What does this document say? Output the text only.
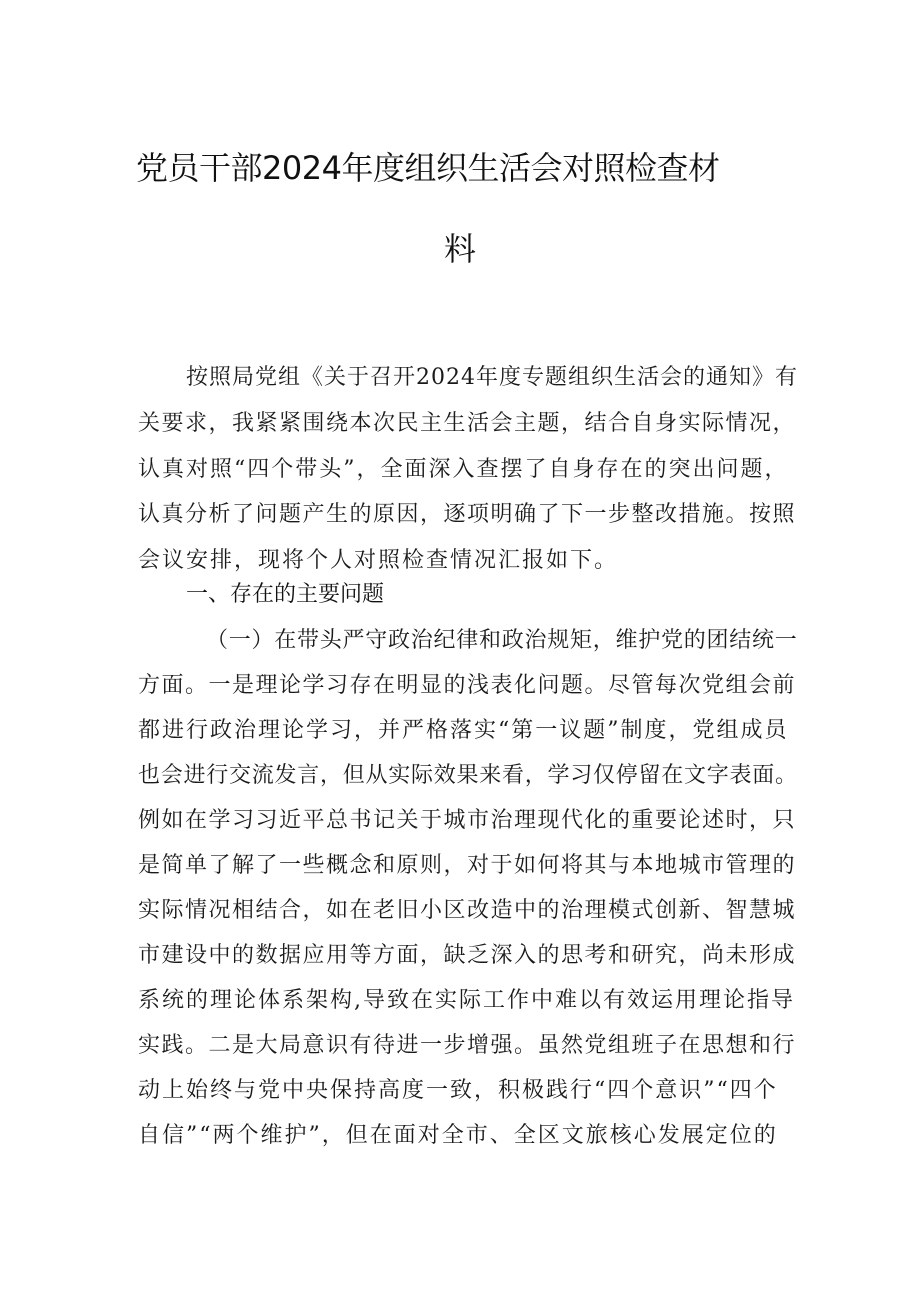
党员干部2024年度组织生活会对照检查材
料
按照局党组《关于召开2024年度专题组织生活会的通知》有
关要求，我紧紧围绕本次民主生活会主题，结合自身实际情况，
认真对照“四个带头”，全面深入查摆了自身存在的突出问题，
认真分析了问题产生的原因，逐项明确了下一步整改措施。按照
会议安排，现将个人对照检查情况汇报如下。
一、存在的主要问题
（一）在带头严守政治纪律和政治规矩，维护党的团结统一
方面。一是理论学习存在明显的浅表化问题。尽管每次党组会前
都进行政治理论学习，并严格落实“第一议题”制度，党组成员
也会进行交流发言，但从实际效果来看，学习仅停留在文字表面。
例如在学习习近平总书记关于城市治理现代化的重要论述时，只
是简单了解了一些概念和原则，对于如何将其与本地城市管理的
实际情况相结合，如在老旧小区改造中的治理模式创新、智慧城
市建设中的数据应用等方面，缺乏深入的思考和研究，尚未形成
系统的理论体系架构,导致在实际工作中难以有效运用理论指导
实践。二是大局意识有待进一步增强。虽然党组班子在思想和行
动上始终与党中央保持高度一致，积极践行“四个意识”“四个
自信”“两个维护”，但在面对全市、全区文旅核心发展定位的
